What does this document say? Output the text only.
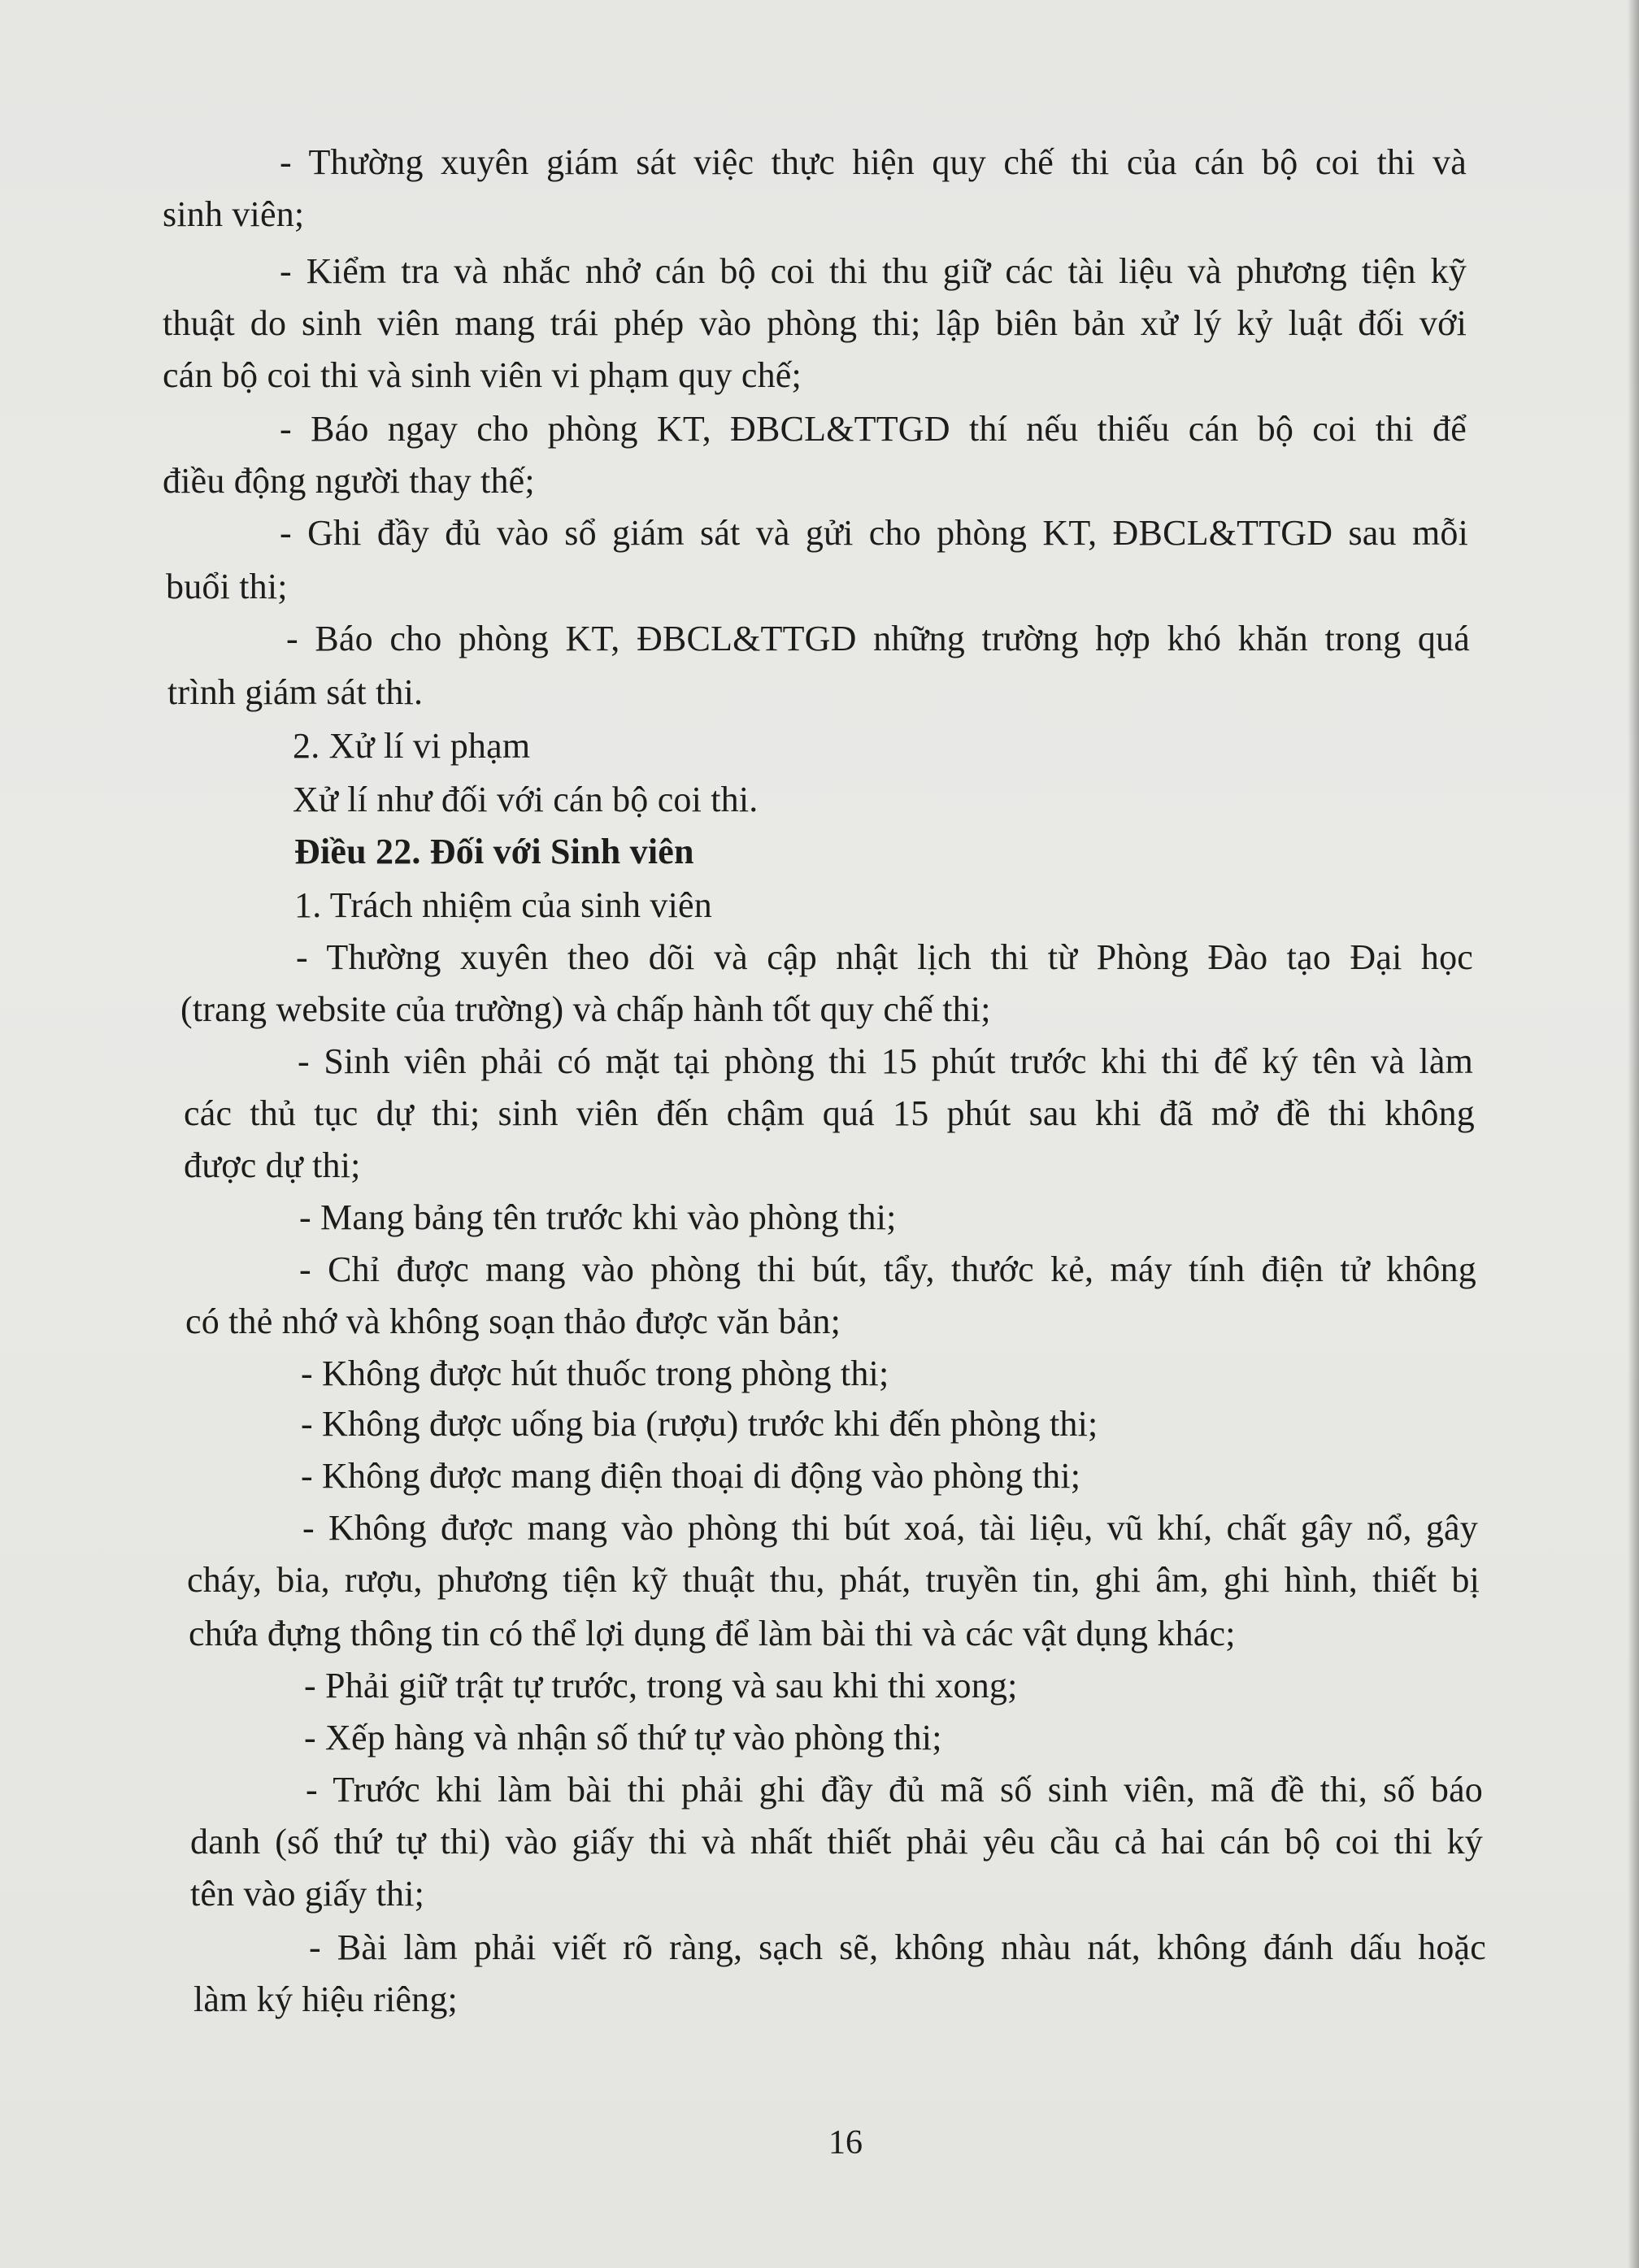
- Thường xuyên giám sát việc thực hiện quy chế thi của cán bộ coi thi và
sinh viên;
- Kiểm tra và nhắc nhở cán bộ coi thi thu giữ các tài liệu và phương tiện kỹ
thuật do sinh viên mang trái phép vào phòng thi; lập biên bản xử lý kỷ luật đối với
cán bộ coi thi và sinh viên vi phạm quy chế;
- Báo ngay cho phòng KT, ĐBCL&TTGD thí nếu thiếu cán bộ coi thi để
điều động người thay thế;
- Ghi đầy đủ vào sổ giám sát và gửi cho phòng KT, ĐBCL&TTGD sau mỗi
buổi thi;
- Báo cho phòng KT, ĐBCL&TTGD những trường hợp khó khăn trong quá
trình giám sát thi.
2. Xử lí vi phạm
Xử lí như đối với cán bộ coi thi.
Điều 22. Đối với Sinh viên
1. Trách nhiệm của sinh viên
- Thường xuyên theo dõi và cập nhật lịch thi từ Phòng Đào tạo Đại học
(trang website của trường) và chấp hành tốt quy chế thi;
- Sinh viên phải có mặt tại phòng thi 15 phút trước khi thi để ký tên và làm
các thủ tục dự thi; sinh viên đến chậm quá 15 phút sau khi đã mở đề thi không
được dự thi;
- Mang bảng tên trước khi vào phòng thi;
- Chỉ được mang vào phòng thi bút, tẩy, thước kẻ, máy tính điện tử không
có thẻ nhớ và không soạn thảo được văn bản;
- Không được hút thuốc trong phòng thi;
- Không được uống bia (rượu) trước khi đến phòng thi;
- Không được mang điện thoại di động vào phòng thi;
- Không được mang vào phòng thi bút xoá, tài liệu, vũ khí, chất gây nổ, gây
cháy, bia, rượu, phương tiện kỹ thuật thu, phát, truyền tin, ghi âm, ghi hình, thiết bị
chứa đựng thông tin có thể lợi dụng để làm bài thi và các vật dụng khác;
- Phải giữ trật tự trước, trong và sau khi thi xong;
- Xếp hàng và nhận số thứ tự vào phòng thi;
- Trước khi làm bài thi phải ghi đầy đủ mã số sinh viên, mã đề thi, số báo
danh (số thứ tự thi) vào giấy thi và nhất thiết phải yêu cầu cả hai cán bộ coi thi ký
tên vào giấy thi;
- Bài làm phải viết rõ ràng, sạch sẽ, không nhàu nát, không đánh dấu hoặc
làm ký hiệu riêng;
16
